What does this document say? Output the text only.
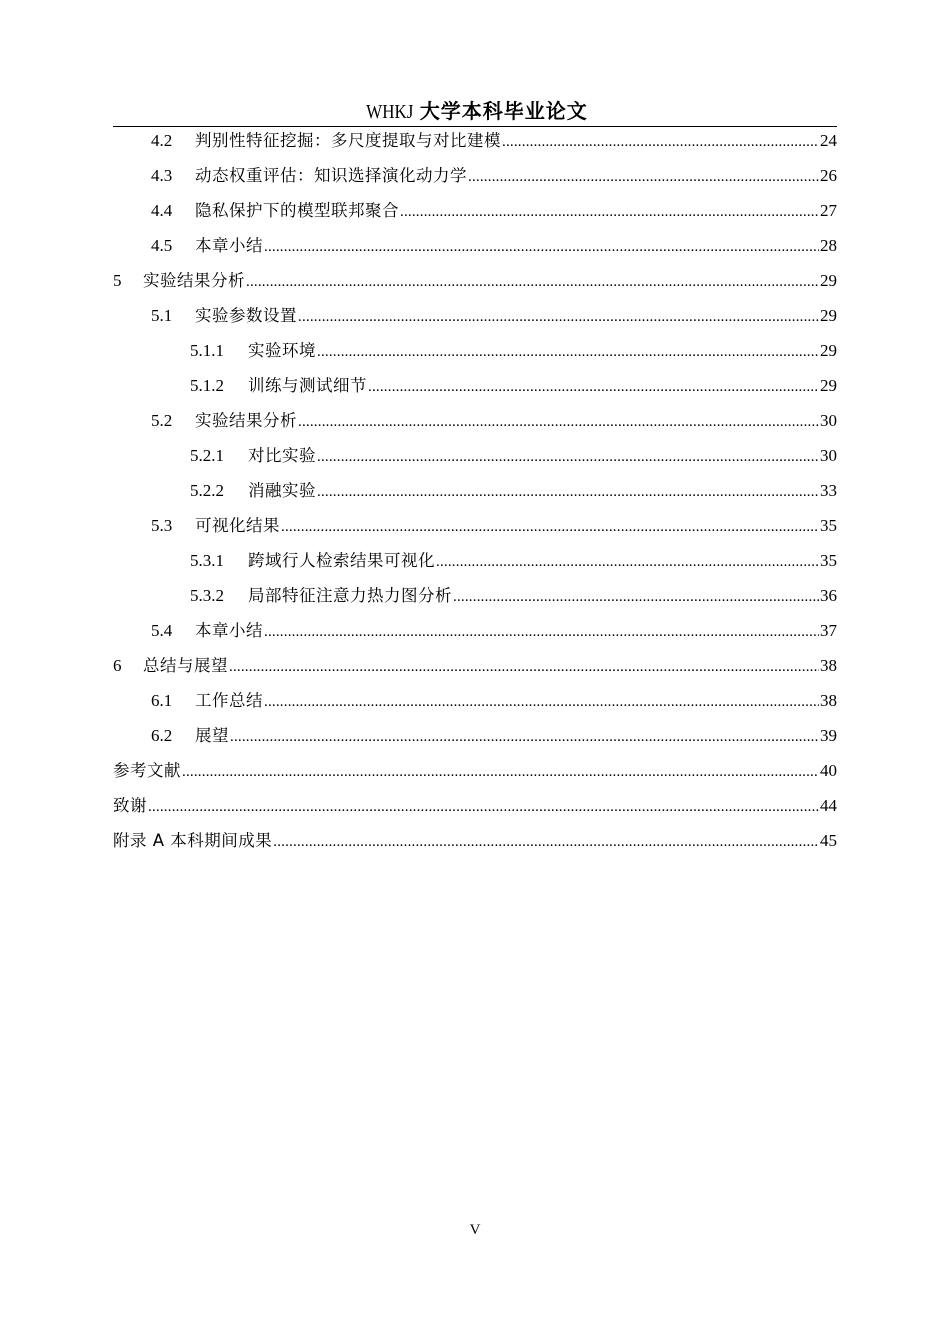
WHKJ 大学本科毕业论文
4.2	判别性特征挖掘：多尺度提取与对比建模 .....	24
4.3	动态权重评估：知识选择演化动力学 .....	26
4.4	隐私保护下的模型联邦聚合 .....	27
4.5	本章小结 .....	28
5	实验结果分析 .....	29
5.1	实验参数设置 .....	29
5.1.1	实验环境 .....	29
5.1.2	训练与测试细节 .....	29
5.2	实验结果分析 .....	30
5.2.1	对比实验 .....	30
5.2.2	消融实验 .....	33
5.3	可视化结果 .....	35
5.3.1	跨域行人检索结果可视化 .....	35
5.3.2	局部特征注意力热力图分析 .....	36
5.4	本章小结 .....	37
6	总结与展望 .....	38
6.1	工作总结 .....	38
6.2	展望 .....	39
参考文献 .....	40
致谢 .....	44
附录 A 本科期间成果 .....	45
V
